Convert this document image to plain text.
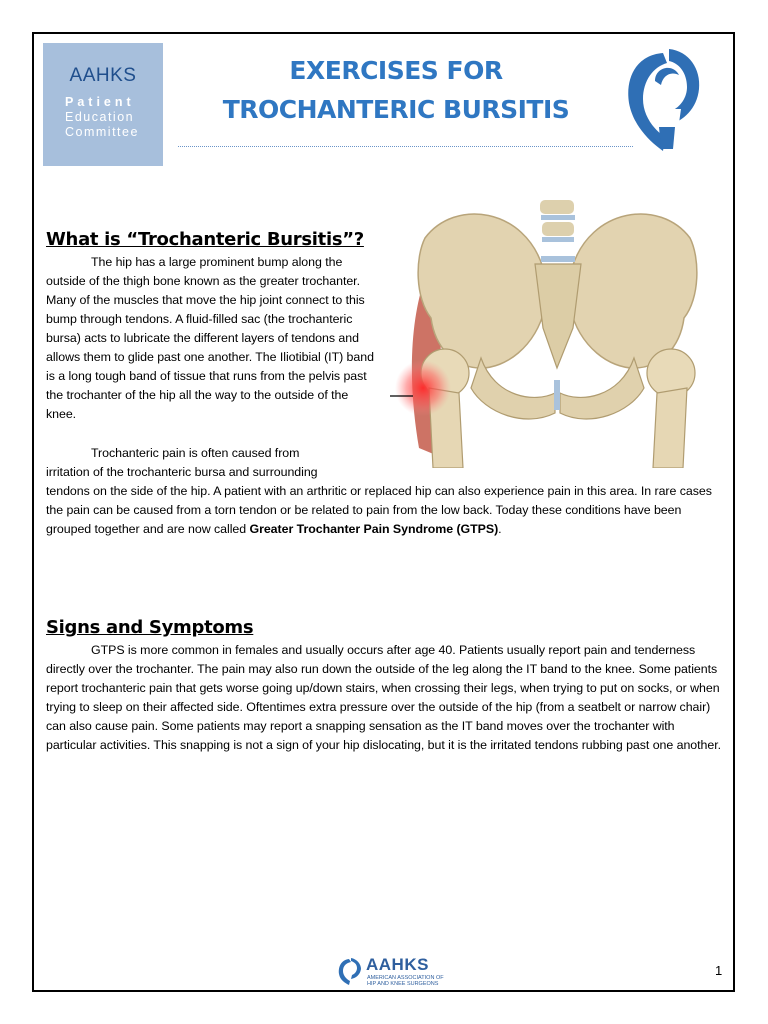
AAHKS
Patient
Education
Committee
EXERCISES FOR
TROCHANTERIC BURSITIS
What is “Trochanteric Bursitis”?
The hip has a large prominent bump along the outside of the thigh bone known as the greater trochanter. Many of the muscles that move the hip joint connect to this bump through tendons. A fluid-filled sac (the trochanteric bursa) acts to lubricate the different layers of tendons and allows them to glide past one another. The Iliotibial (IT) band is a long tough band of tissue that runs from the pelvis past the trochanter of the hip all the way to the outside of the knee.
Trochanteric pain is often caused from
irritation of the trochanteric bursa and surrounding
tendons on the side of the hip. A patient with an arthritic or replaced hip can also experience pain in this area. In rare cases the pain can be caused from a torn tendon or be related to pain from the low back. Today these conditions have been grouped together and are now called Greater Trochanter Pain Syndrome (GTPS).
Signs and Symptoms
GTPS is more common in females and usually occurs after age 40. Patients usually report pain and tenderness directly over the trochanter. The pain may also run down the outside of the leg along the IT band to the knee. Some patients report trochanteric pain that gets worse going up/down stairs, when crossing their legs, when trying to put on socks, or when trying to sleep on their affected side. Oftentimes extra pressure over the outside of the hip (from a seatbelt or narrow chair) can also cause pain. Some patients may report a snapping sensation as the IT band moves over the trochanter with particular activities. This snapping is not a sign of your hip dislocating, but it is the irritated tendons rubbing past one another.
AAHKS
AMERICAN ASSOCIATION OF
HIP AND KNEE SURGEONS
1
